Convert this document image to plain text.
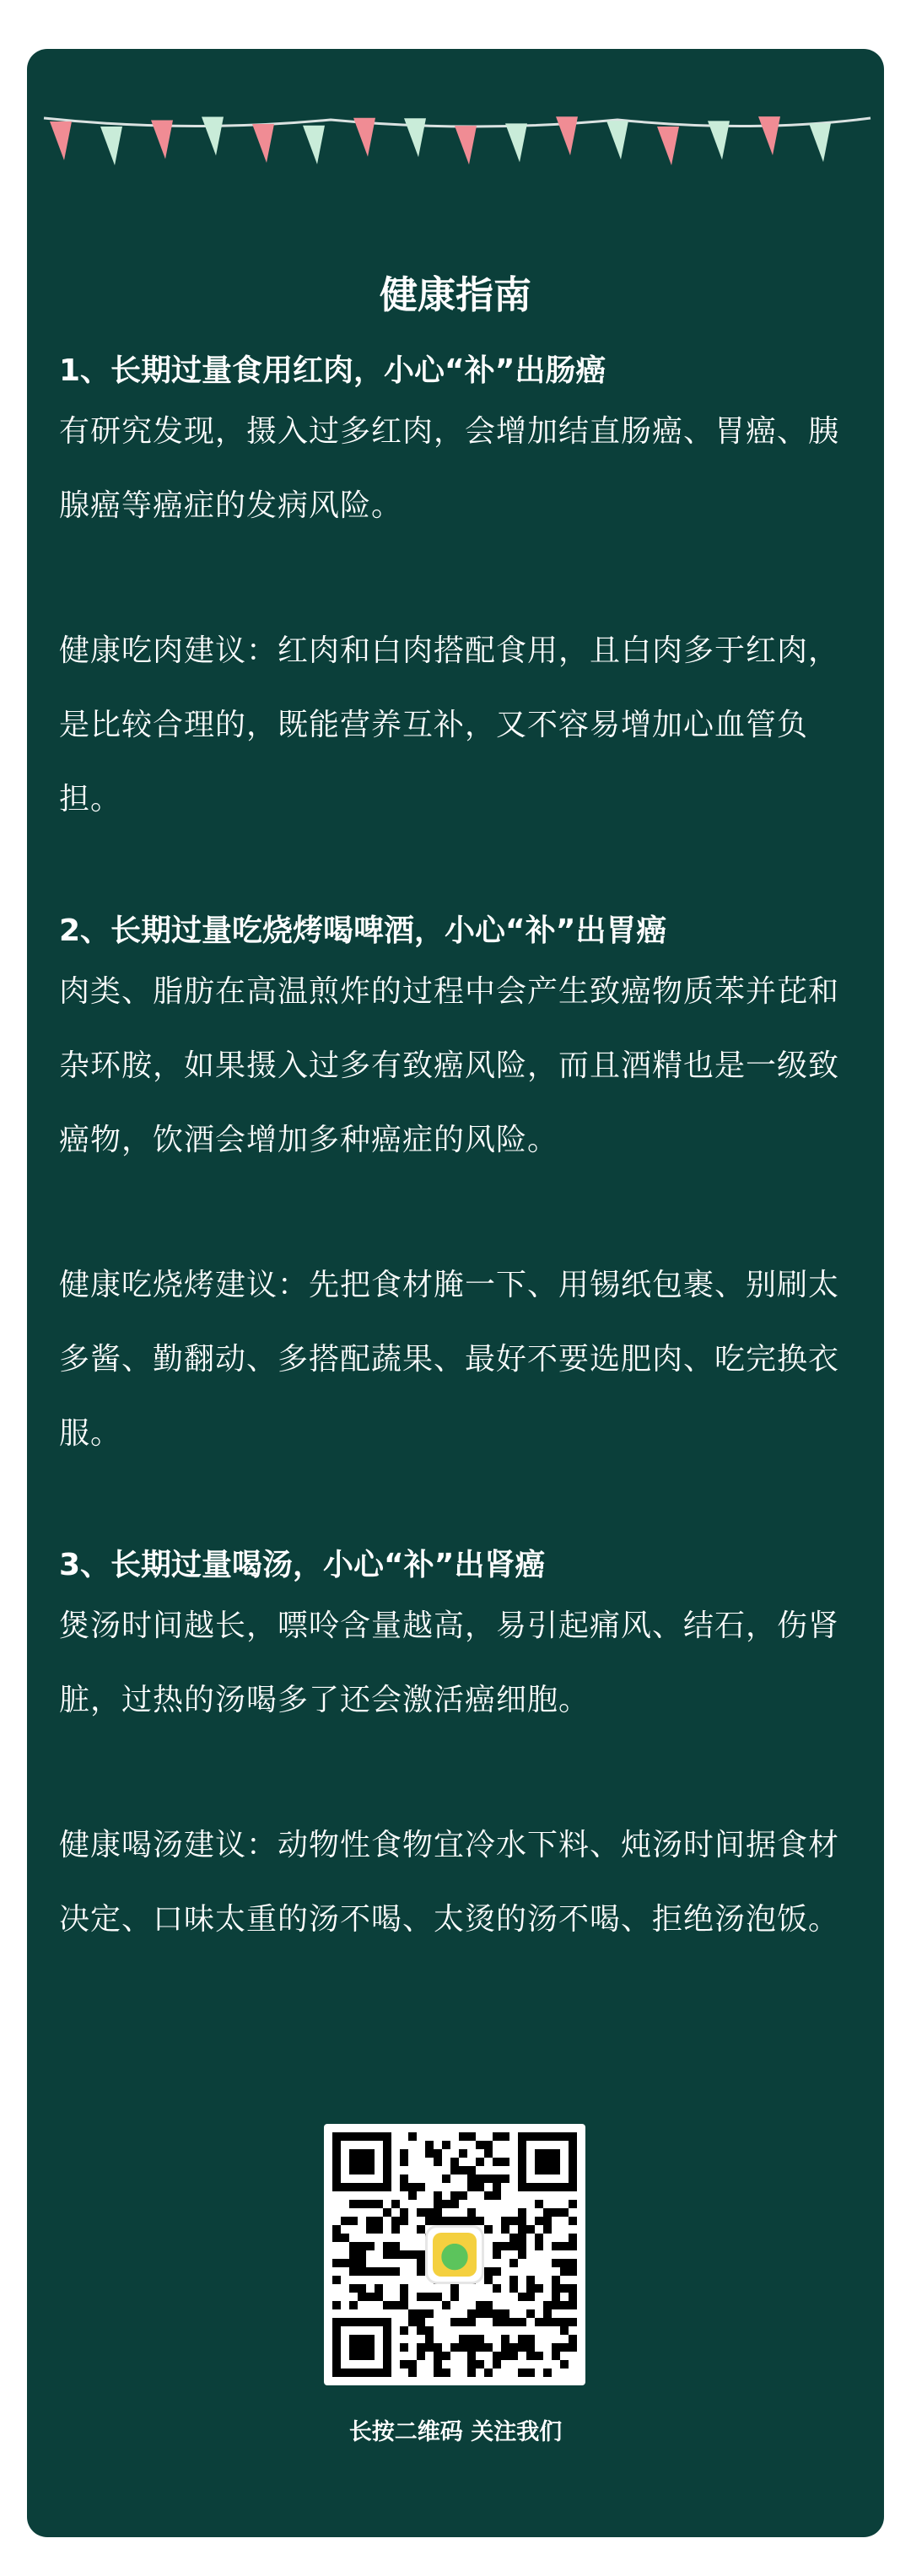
健康指南

1、长期过量食用红肉，小心“补”出肠癌

有研究发现，摄入过多红肉，会增加结直肠癌、胃癌、胰腺癌等癌症的发病风险。

健康吃肉建议：红肉和白肉搭配食用，且白肉多于红肉，是比较合理的，既能营养互补，又不容易增加心血管负担。

2、长期过量吃烧烤喝啤酒，小心“补”出胃癌

肉类、脂肪在高温煎炸的过程中会产生致癌物质苯并芘和杂环胺，如果摄入过多有致癌风险，而且酒精也是一级致癌物，饮酒会增加多种癌症的风险。

健康吃烧烤建议：先把食材腌一下、用锡纸包裹、别刷太多酱、勤翻动、多搭配蔬果、最好不要选肥肉、吃完换衣服。

3、长期过量喝汤，小心“补”出肾癌

煲汤时间越长，嘌呤含量越高，易引起痛风、结石，伤肾脏，过热的汤喝多了还会激活癌细胞。

健康喝汤建议：动物性食物宜冷水下料、炖汤时间据食材决定、口味太重的汤不喝、太烫的汤不喝、拒绝汤泡饭。

长按二维码 关注我们
